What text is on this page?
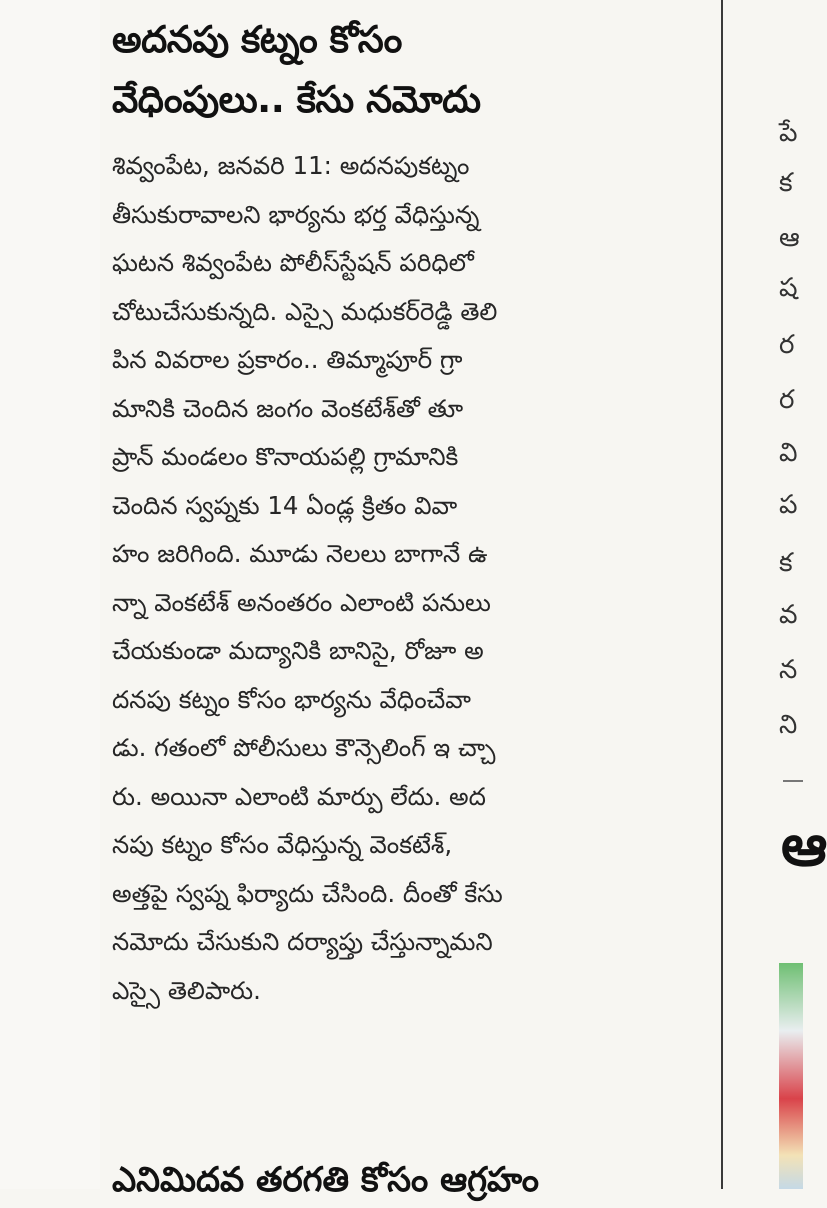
అదనపు కట్నం కోసం
వేధింపులు.. కేసు నమోదు
శివ్వంపేట, జనవరి 11: అదనపుకట్నం
తీసుకురావాలని భార్యను భర్త వేధిస్తున్న
ఘటన శివ్వంపేట పోలీస్‌స్టేషన్ పరిధిలో
చోటుచేసుకున్నది. ఎస్సై మధుకర్‌రెడ్డి తెలి
పిన వివరాల ప్రకారం.. తిమ్మాపూర్ గ్రా
మానికి చెందిన జంగం వెంకటేశ్‌తో తూ
ప్రాన్ మండలం కొనాయపల్లి గ్రామానికి
చెందిన స్వప్నకు 14 ఏండ్ల క్రితం వివా
హం జరిగింది. మూడు నెలలు బాగానే ఉ
న్నా వెంకటేశ్ అనంతరం ఎలాంటి పనులు
చేయకుండా మద్యానికి బానిసై, రోజూ అ
దనపు కట్నం కోసం భార్యను వేధించేవా
డు. గతంలో పోలీసులు కౌన్సెలింగ్ ఇ చ్చా
రు. అయినా ఎలాంటి మార్పు లేదు. అద
నపు కట్నం కోసం వేధిస్తున్న వెంకటేశ్,
అత్తపై స్వప్న ఫిర్యాదు చేసింది. దీంతో కేసు
నమోదు చేసుకుని దర్యాప్తు చేస్తున్నామని
ఎస్సై తెలిపారు.
ఎనిమిదవ తరగతి కోసం ఆగ్రహం
పే
క
ఆ
ష
ర
ర
వి
ప
క
వ
న
ని
ఆ
